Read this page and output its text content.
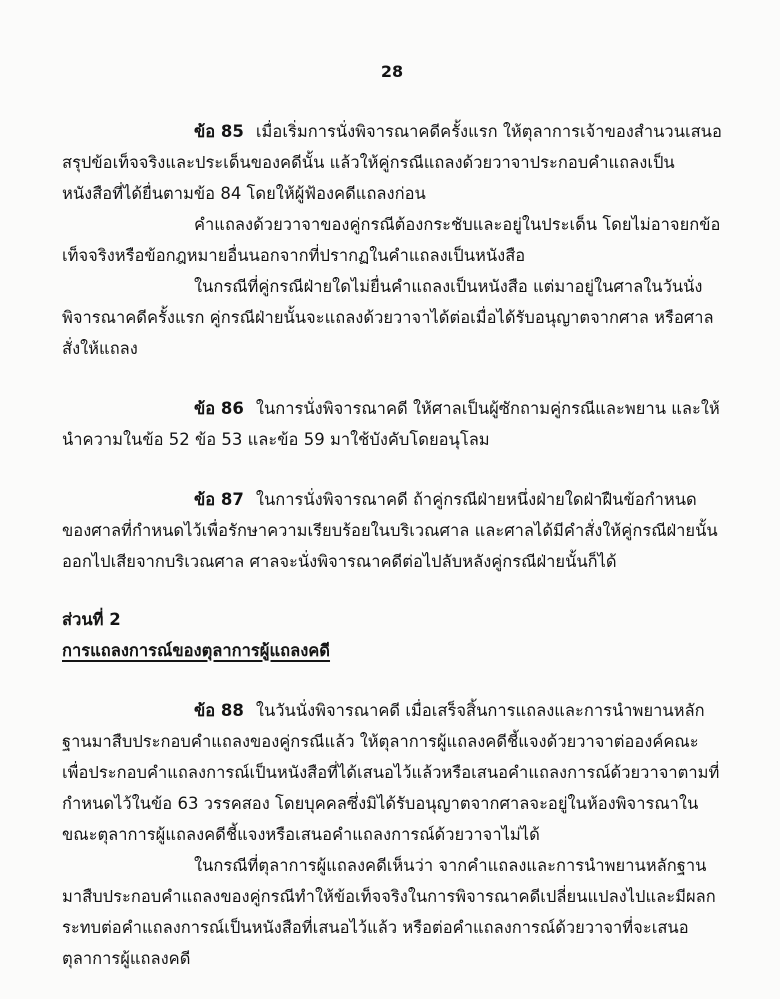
28

ข้อ 85 เมื่อเริ่มการนั่งพิจารณาคดีครั้งแรก ให้ตุลาการเจ้าของสำนวนเสนอสรุปข้อเท็จจริงและประเด็นของคดีนั้น แล้วให้คู่กรณีแถลงด้วยวาจาประกอบคำแถลงเป็นหนังสือที่ได้ยื่นตามข้อ 84 โดยให้ผู้ฟ้องคดีแถลงก่อน

คำแถลงด้วยวาจาของคู่กรณีต้องกระชับและอยู่ในประเด็น โดยไม่อาจยกข้อเท็จจริงหรือข้อกฎหมายอื่นนอกจากที่ปรากฏในคำแถลงเป็นหนังสือ

ในกรณีที่คู่กรณีฝ่ายใดไม่ยื่นคำแถลงเป็นหนังสือ แต่มาอยู่ในศาลในวันนั่งพิจารณาคดีครั้งแรก คู่กรณีฝ่ายนั้นจะแถลงด้วยวาจาได้ต่อเมื่อได้รับอนุญาตจากศาล หรือศาลสั่งให้แถลง

ข้อ 86 ในการนั่งพิจารณาคดี ให้ศาลเป็นผู้ซักถามคู่กรณีและพยาน และให้นำความในข้อ 52 ข้อ 53 และข้อ 59 มาใช้บังคับโดยอนุโลม

ข้อ 87 ในการนั่งพิจารณาคดี ถ้าคู่กรณีฝ่ายหนึ่งฝ่ายใดฝ่าฝืนข้อกำหนดของศาลที่กำหนดไว้เพื่อรักษาความเรียบร้อยในบริเวณศาล และศาลได้มีคำสั่งให้คู่กรณีฝ่ายนั้นออกไปเสียจากบริเวณศาล ศาลจะนั่งพิจารณาคดีต่อไปลับหลังคู่กรณีฝ่ายนั้นก็ได้

ส่วนที่ 2

การแถลงการณ์ของตุลาการผู้แถลงคดี

ข้อ 88 ในวันนั่งพิจารณาคดี เมื่อเสร็จสิ้นการแถลงและการนำพยานหลักฐานมาสืบประกอบคำแถลงของคู่กรณีแล้ว ให้ตุลาการผู้แถลงคดีชี้แจงด้วยวาจาต่อองค์คณะเพื่อประกอบคำแถลงการณ์เป็นหนังสือที่ได้เสนอไว้แล้วหรือเสนอคำแถลงการณ์ด้วยวาจาตามที่กำหนดไว้ในข้อ 63 วรรคสอง โดยบุคคลซึ่งมิได้รับอนุญาตจากศาลจะอยู่ในห้องพิจารณาในขณะตุลาการผู้แถลงคดีชี้แจงหรือเสนอคำแถลงการณ์ด้วยวาจาไม่ได้

ในกรณีที่ตุลาการผู้แถลงคดีเห็นว่า จากคำแถลงและการนำพยานหลักฐานมาสืบประกอบคำแถลงของคู่กรณีทำให้ข้อเท็จจริงในการพิจารณาคดีเปลี่ยนแปลงไปและมีผลกระทบต่อคำแถลงการณ์เป็นหนังสือที่เสนอไว้แล้ว หรือต่อคำแถลงการณ์ด้วยวาจาที่จะเสนอ ตุลาการผู้แถลงคดี
